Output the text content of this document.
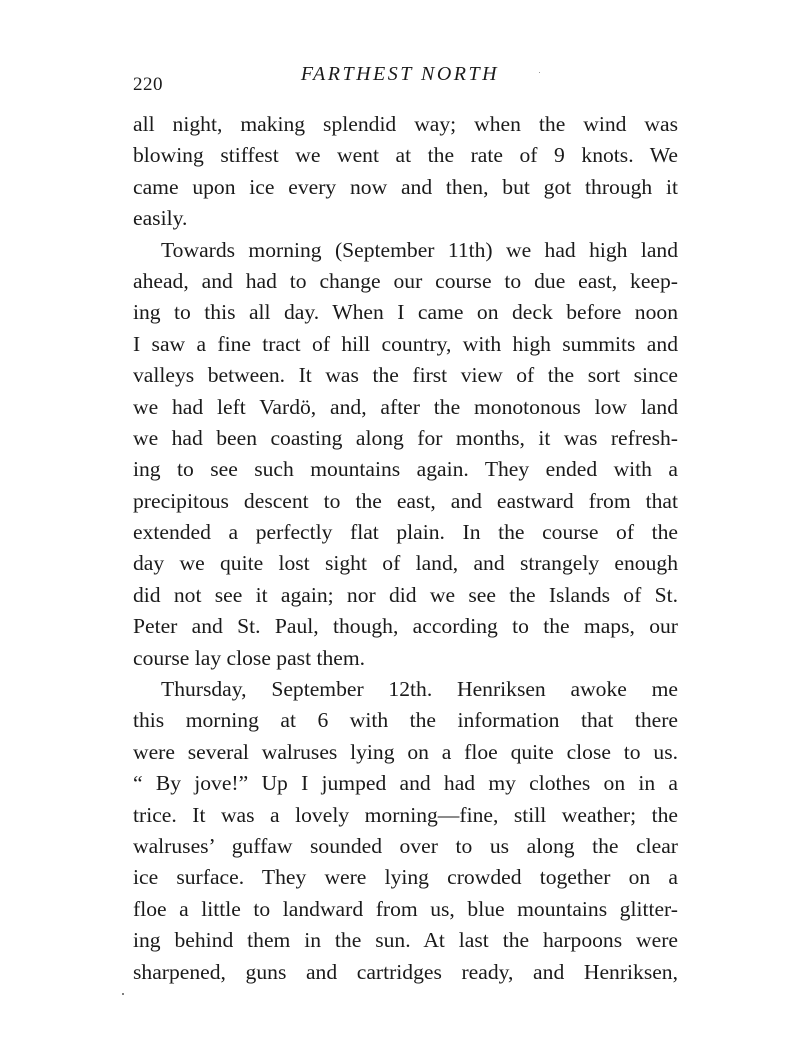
220	FARTHEST NORTH
all night, making splendid way; when the wind was
blowing stiffest we went at the rate of 9 knots. We
came upon ice every now and then, but got through it
easily.
Towards morning (September 11th) we had high land
ahead, and had to change our course to due east, keep-
ing to this all day. When I came on deck before noon
I saw a fine tract of hill country, with high summits and
valleys between. It was the first view of the sort since
we had left Vardö, and, after the monotonous low land
we had been coasting along for months, it was refresh-
ing to see such mountains again. They ended with a
precipitous descent to the east, and eastward from that
extended a perfectly flat plain. In the course of the
day we quite lost sight of land, and strangely enough
did not see it again; nor did we see the Islands of St.
Peter and St. Paul, though, according to the maps, our
course lay close past them.
Thursday, September 12th. Henriksen awoke me
this morning at 6 with the information that there
were several walruses lying on a floe quite close to us.
“ By jove!” Up I jumped and had my clothes on in a
trice. It was a lovely morning—fine, still weather; the
walruses’ guffaw sounded over to us along the clear
ice surface. They were lying crowded together on a
floe a little to landward from us, blue mountains glitter-
ing behind them in the sun. At last the harpoons were
sharpened, guns and cartridges ready, and Henriksen,
